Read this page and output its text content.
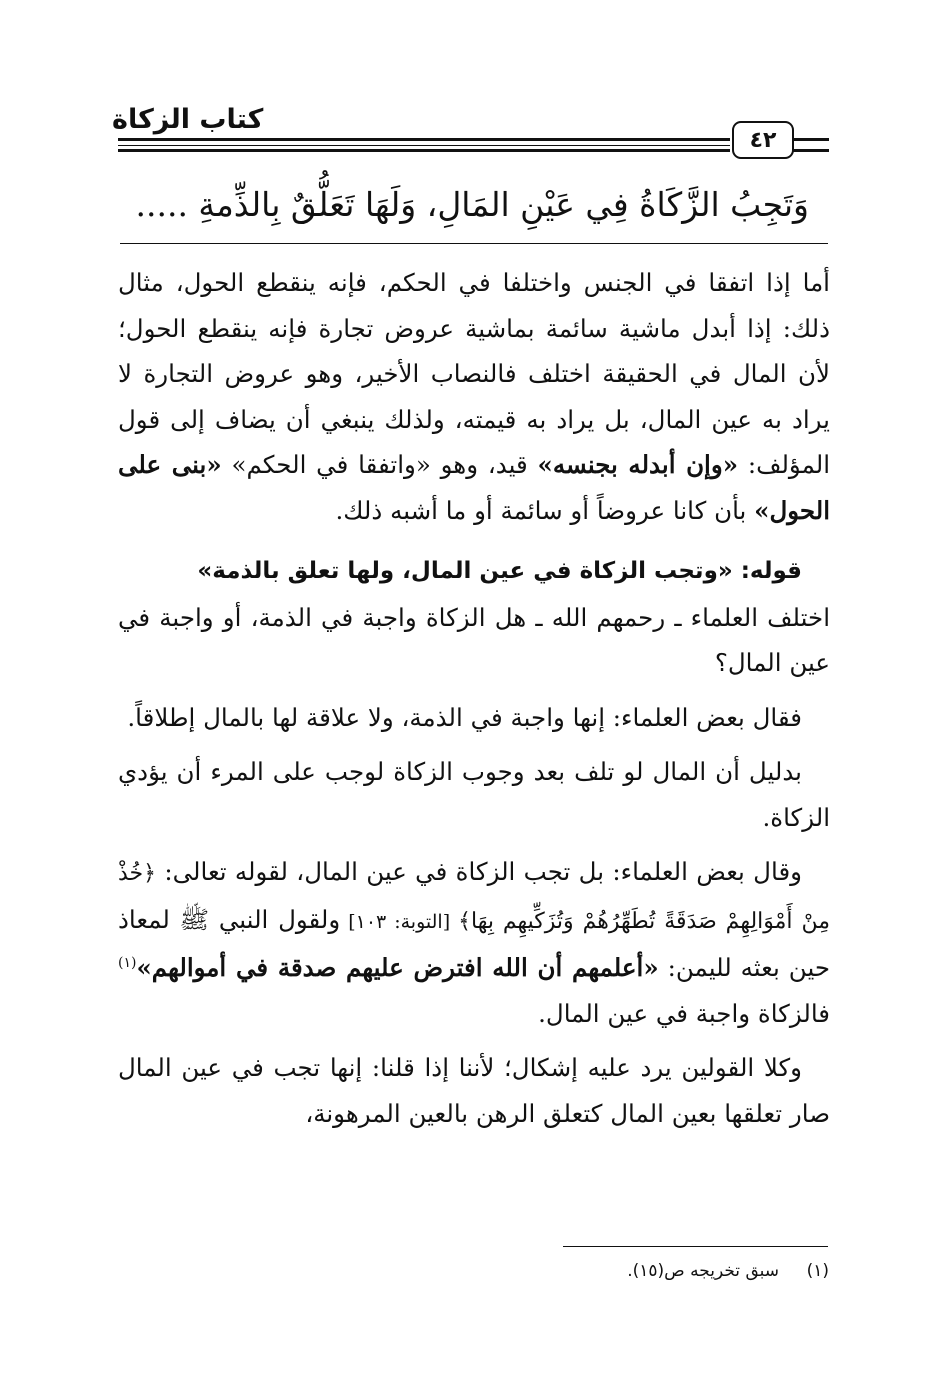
كتاب الزكاة
٤٢
وَتَجِبُ الزَّكَاةُ فِي عَيْنِ المَالِ، وَلَهَا تَعَلُّقٌ بِالذِّمةِ .....

أما إذا اتفقا في الجنس واختلفا في الحكم، فإنه ينقطع الحول، مثال ذلك: إذا أبدل ماشية سائمة بماشية عروض تجارة فإنه ينقطع الحول؛ لأن المال في الحقيقة اختلف فالنصاب الأخير، وهو عروض التجارة لا يراد به عين المال، بل يراد به قيمته، ولذلك ينبغي أن يضاف إلى قول المؤلف: «وإن أبدله بجنسه» قيد، وهو «واتفقا في الحكم» «بنى على الحول» بأن كانا عروضاً أو سائمة أو ما أشبه ذلك.

قوله: «وتجب الزكاة في عين المال، ولها تعلق بالذمة»
اختلف العلماء ـ رحمهم الله ـ هل الزكاة واجبة في الذمة، أو واجبة في عين المال؟

فقال بعض العلماء: إنها واجبة في الذمة، ولا علاقة لها بالمال إطلاقاً.

بدليل أن المال لو تلف بعد وجوب الزكاة لوجب على المرء أن يؤدي الزكاة.

وقال بعض العلماء: بل تجب الزكاة في عين المال، لقوله تعالى: ﴿خُذْ مِنْ أَمْوَالِهِمْ صَدَقَةً تُطَهِّرُهُمْ وَتُزَكِّيهِم بِهَا﴾ [التوبة: ١٠٣] ولقول النبي ﷺ لمعاذ حين بعثه لليمن: «أعلمهم أن الله افترض عليهم صدقة في أموالهم»$^{(١)}$ فالزكاة واجبة في عين المال.

وكلا القولين يرد عليه إشكال؛ لأننا إذا قلنا: إنها تجب في عين المال صار تعلقها بعين المال كتعلق الرهن بالعين المرهونة،

(١)سبق تخريجه ص(١٥).
